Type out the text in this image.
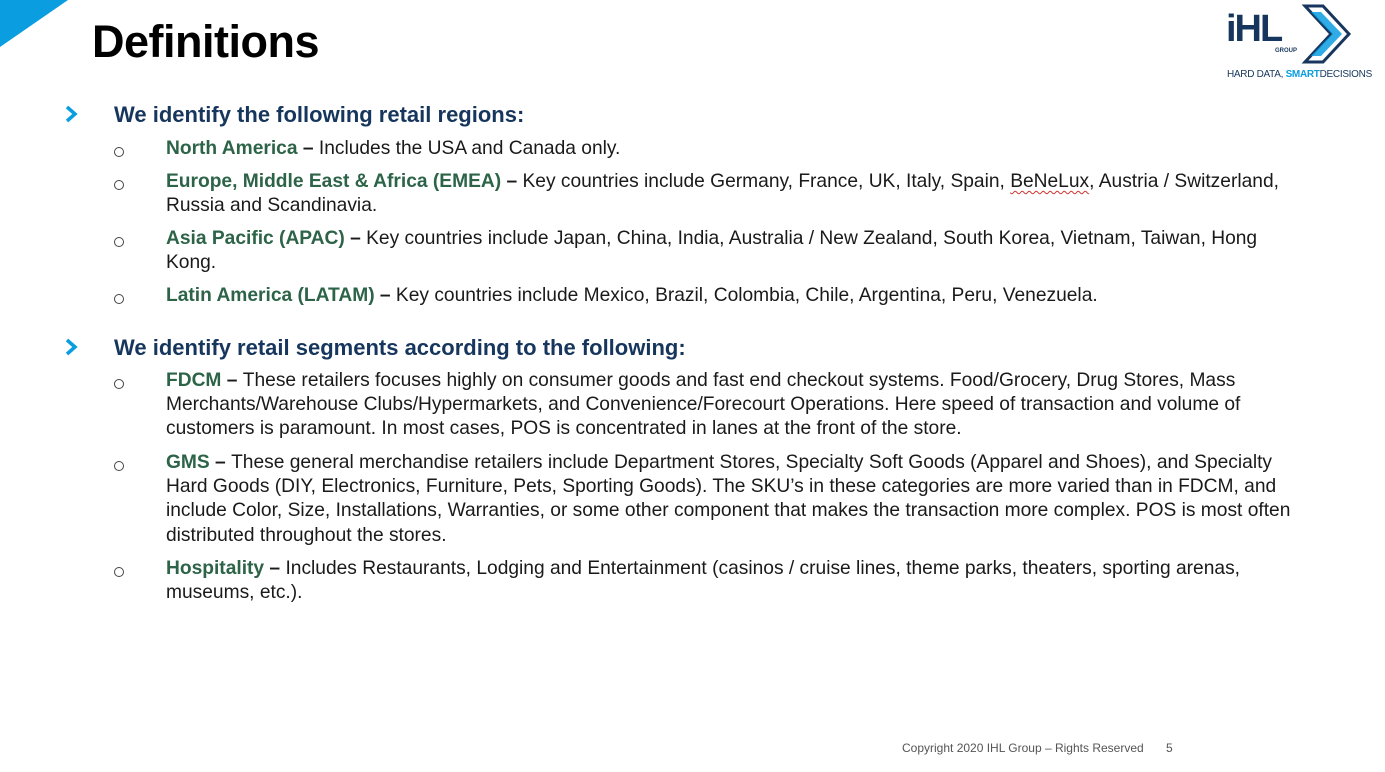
Definitions	iHL
GROUP
HARD DATA, SMARTDECISIONS
We identify the following retail regions:
North America – Includes the USA and Canada only.
Europe, Middle East & Africa (EMEA) – Key countries include Germany, France, UK, Italy, Spain, BeNeLux, Austria / Switzerland, Russia and Scandinavia.
Asia Pacific (APAC) – Key countries include Japan, China, India, Australia / New Zealand, South Korea, Vietnam, Taiwan, Hong Kong.
Latin America (LATAM) – Key countries include Mexico, Brazil, Colombia, Chile, Argentina, Peru, Venezuela.
We identify retail segments according to the following:
FDCM – These retailers focuses highly on consumer goods and fast end checkout systems. Food/Grocery, Drug Stores, Mass Merchants/Warehouse Clubs/Hypermarkets, and Convenience/Forecourt Operations. Here speed of transaction and volume of customers is paramount. In most cases, POS is concentrated in lanes at the front of the store.
GMS – These general merchandise retailers include Department Stores, Specialty Soft Goods (Apparel and Shoes), and Specialty Hard Goods (DIY, Electronics, Furniture, Pets, Sporting Goods). The SKU’s in these categories are more varied than in FDCM, and include Color, Size, Installations, Warranties, or some other component that makes the transaction more complex. POS is most often distributed throughout the stores.
Hospitality – Includes Restaurants, Lodging and Entertainment (casinos / cruise lines, theme parks, theaters, sporting arenas, museums, etc.).
Copyright 2020 IHL Group – Rights Reserved 5
